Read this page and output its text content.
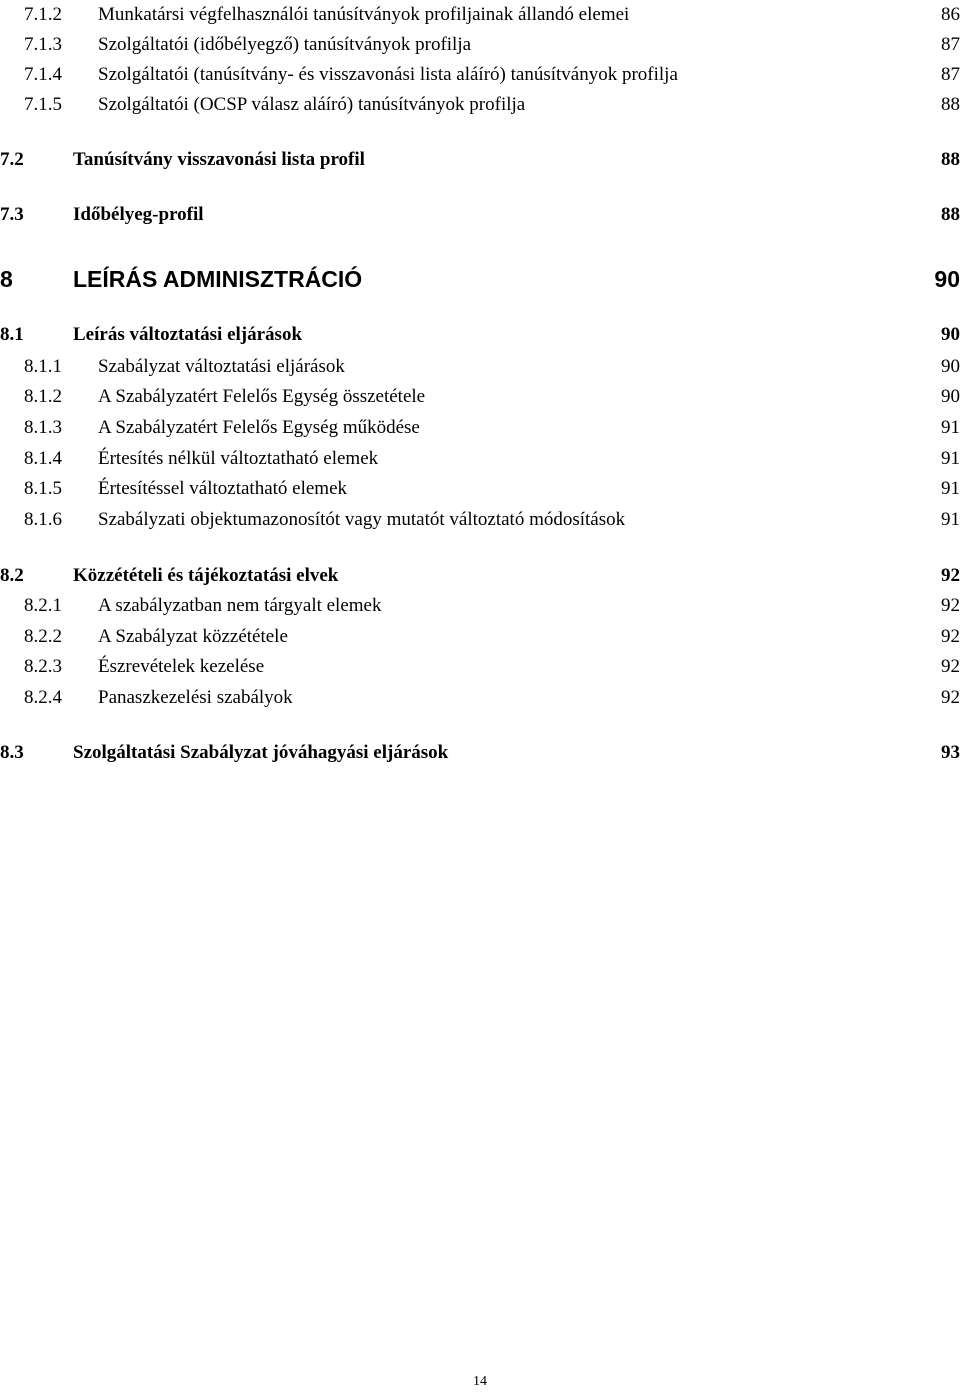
7.1.2 Munkatársi végfelhasználói tanúsítványok profiljainak állandó elemei	86
7.1.3 Szolgáltatói (időbélyegző) tanúsítványok profilja	87
7.1.4 Szolgáltatói (tanúsítvány- és visszavonási lista aláíró) tanúsítványok profilja	87
7.1.5 Szolgáltatói (OCSP válasz aláíró) tanúsítványok profilja	88
7.2	Tanúsítvány visszavonási lista profil	88
7.3	Időbélyeg-profil	88
8	LEÍRÁS ADMINISZTRÁCIÓ	90
8.1	Leírás változtatási eljárások	90
8.1.1 Szabályzat változtatási eljárások	90
8.1.2 A Szabályzatért Felelős Egység összetétele	90
8.1.3 A Szabályzatért Felelős Egység működése	91
8.1.4 Értesítés nélkül változtatható elemek	91
8.1.5 Értesítéssel változtatható elemek	91
8.1.6 Szabályzati objektumazonosítót vagy mutatót változtató módosítások	91
8.2	Közzétételi és tájékoztatási elvek	92
8.2.1 A szabályzatban nem tárgyalt elemek	92
8.2.2 A Szabályzat közzététele	92
8.2.3 Észrevételek kezelése	92
8.2.4 Panaszkezelési szabályok	92
8.3	Szolgáltatási Szabályzat jóváhagyási eljárások	93
14
